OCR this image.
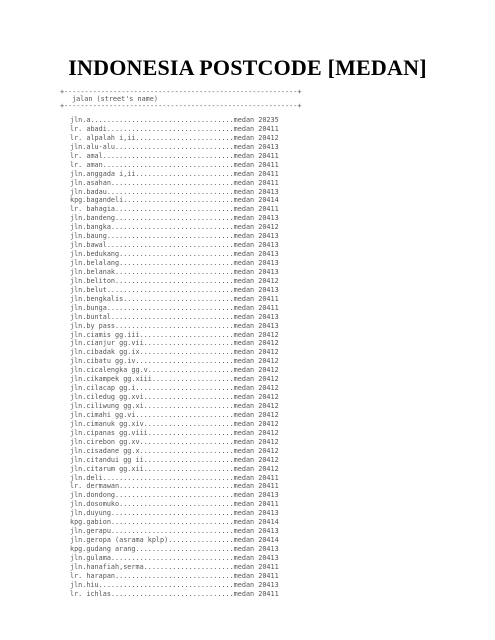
INDONESIA POSTCODE [MEDAN]
+---------------------------------------------------------+
jalan (street's name)
+---------------------------------------------------------+
jln.a...................................medan 20235
lr. abadi...............................medan 20411
lr. alpalah i,ii........................medan 20412
jln.alu-alu.............................medan 20413
lr. amal................................medan 20411
lr. aman................................medan 20411
jln.anggada i,ii........................medan 20411
jln.asahan..............................medan 20411
jln.badau...............................medan 20413
kpg.bagandeli...........................medan 20414
lr. bahagia.............................medan 20411
jln.bandeng.............................medan 20413
jln.bangka..............................medan 20412
jln.baung...............................medan 20413
jln.bawal...............................medan 20413
jln.bedukang............................medan 20413
jln.belalang............................medan 20413
jln.belanak.............................medan 20413
jln.beliton.............................medan 20412
jln.belut...............................medan 20413
jln.bengkalis...........................medan 20411
jln.bunga...............................medan 20411
jln.buntal..............................medan 20413
jln.by pass.............................medan 20413
jln.ciamis gg.iii.......................medan 20412
jln.cianjur gg.vii......................medan 20412
jln.cibadak gg.ix.......................medan 20412
jln.cibatu gg.iv........................medan 20412
jln.cicalengka gg.v.....................medan 20412
jln.cikampek gg.xiii....................medan 20412
jln.cilacap gg.i........................medan 20412
jln.ciledug gg.xvi......................medan 20412
jln.ciliwung gg.xi......................medan 20412
jln.cimahi gg.vi........................medan 20412
jln.cimanuk gg.xiv......................medan 20412
jln.cipanas gg.viii.....................medan 20412
jln.cirebon gg.xv.......................medan 20412
jln.cisadane gg.x.......................medan 20412
jln.citandui gg ii......................medan 20412
jln.citarum gg.xii......................medan 20412
jln.deli................................medan 20411
lr. dermawan............................medan 20411
jln.dondong.............................medan 20413
jln.dosomuko............................medan 20411
jln.duyung..............................medan 20413
kpg.gabion..............................medan 20414
jln.gerapu..............................medan 20413
jln.geropa (asrama kplp)................medan 20414
kpg.gudang arang........................medan 20413
jln.gulama..............................medan 20413
jln.hanafiah,serma......................medan 20411
lr. harapan.............................medan 20411
jln.hiu.................................medan 20413
lr. ichlas..............................medan 20411
